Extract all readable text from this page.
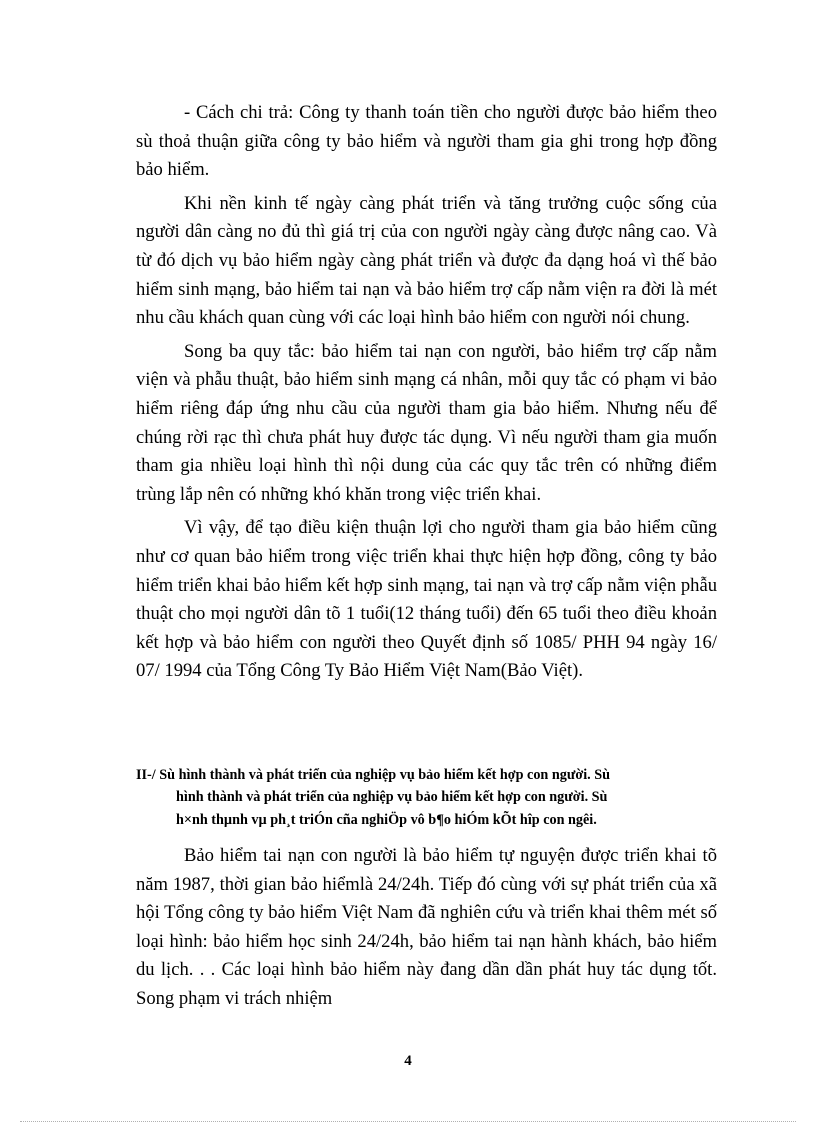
- Cách chi trả: Công ty thanh toán tiền cho người được bảo hiểm theo sù thoả thuận giữa công ty bảo hiểm và người tham gia ghi trong hợp đồng bảo hiểm.

Khi nền kinh tế ngày càng phát triển và tăng trưởng cuộc sống của người dân càng no đủ thì giá trị của con người ngày càng được nâng cao. Và từ đó dịch vụ bảo hiểm ngày càng phát triển và được đa dạng hoá vì thế bảo hiểm sinh mạng, bảo hiểm tai nạn và bảo hiểm trợ cấp nằm viện ra đời là mét nhu cầu khách quan cùng với các loại hình bảo hiểm con người nói chung.

Song ba quy tắc: bảo hiểm tai nạn con người, bảo hiểm trợ cấp nằm viện và phẫu thuật, bảo hiểm sinh mạng cá nhân, mỗi quy tắc có phạm vi bảo hiểm riêng đáp ứng nhu cầu của người tham gia bảo hiểm. Nhưng nếu để chúng rời rạc thì chưa phát huy được tác dụng. Vì nếu người tham gia muốn tham gia nhiều loại hình thì nội dung của các quy tắc trên có những điểm trùng lắp nên có những khó khăn trong việc triển khai.

Vì vậy, để tạo điều kiện thuận lợi cho người tham gia bảo hiểm cũng như cơ quan bảo hiểm trong việc triển khai thực hiện hợp đồng, công ty bảo hiểm triển khai bảo hiểm kết hợp sinh mạng, tai nạn và trợ cấp nằm viện phẫu thuật cho mọi người dân tõ 1 tuổi(12 tháng tuổi) đến 65 tuổi theo điều khoản kết hợp và bảo hiểm con người theo Quyết định số 1085/ PHH 94 ngày 16/ 07/ 1994 của Tổng Công Ty Bảo Hiểm Việt Nam(Bảo Việt).

II-/ Sù hình thành và phát triển của nghiệp vụ bảo hiểm kết hợp con người. Sù
hình thành và phát triển của nghiệp vụ bảo hiểm kết hợp con người. Sù
h×nh thµnh vµ ph¸t triÓn cña nghiÖp vô b¶o hiÓm kÕt hîp con ngêi.

Bảo hiểm tai nạn con người là bảo hiểm tự nguyện được triển khai tõ năm 1987, thời gian bảo hiểmlà 24/24h. Tiếp đó cùng với sự phát triển của xã hội Tổng công ty bảo hiểm Việt Nam đã nghiên cứu và triển khai thêm mét số loại hình: bảo hiểm học sinh 24/24h, bảo hiểm tai nạn hành khách, bảo hiểm du lịch. . . Các loại hình bảo hiểm này đang dần dần phát huy tác dụng tốt. Song phạm vi trách nhiệm

4
